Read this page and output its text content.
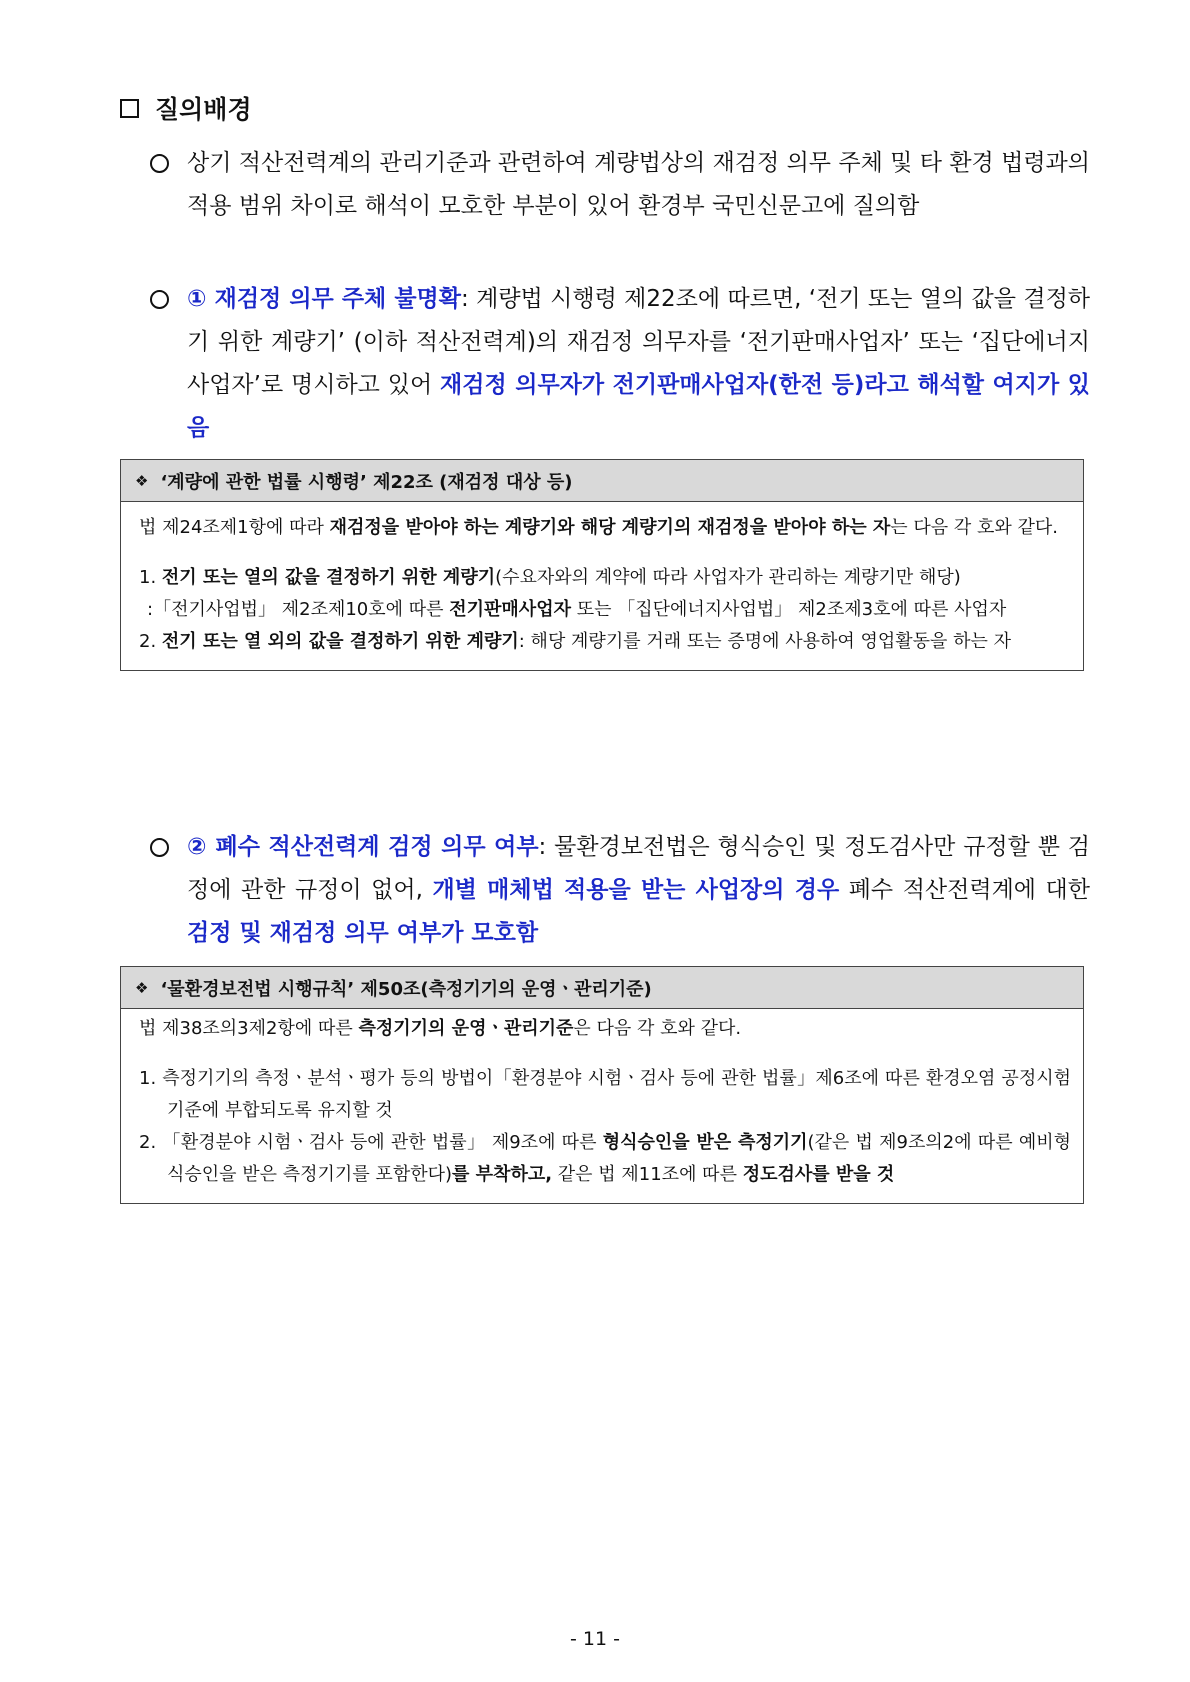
질의배경
상기 적산전력계의 관리기준과 관련하여 계량법상의 재검정 의무 주체 및 타 환경 법령과의 적용 범위 차이로 해석이 모호한 부분이 있어 환경부 국민신문고에 질의함
① 재검정 의무 주체 불명확: 계량법 시행령 제22조에 따르면, ‘전기 또는 열의 값을 결정하기 위한 계량기’ (이하 적산전력계)의 재검정 의무자를 ‘전기판매사업자’ 또는 ‘집단에너지사업자’로 명시하고 있어 재검정 의무자가 전기판매사업자(한전 등)라고 해석할 여지가 있음
❖ ‘계량에 관한 법률 시행령’ 제22조 (재검정 대상 등)
법 제24조제1항에 따라 재검정을 받아야 하는 계량기와 해당 계량기의 재검정을 받아야 하는 자는 다음 각 호와 같다.
1. 전기 또는 열의 값을 결정하기 위한 계량기(수요자와의 계약에 따라 사업자가 관리하는 계량기만 해당)
:「전기사업법」 제2조제10호에 따른 전기판매사업자 또는 「집단에너지사업법」 제2조제3호에 따른 사업자
2. 전기 또는 열 외의 값을 결정하기 위한 계량기: 해당 계량기를 거래 또는 증명에 사용하여 영업활동을 하는 자
② 폐수 적산전력계 검정 의무 여부: 물환경보전법은 형식승인 및 정도검사만 규정할 뿐 검정에 관한 규정이 없어, 개별 매체법 적용을 받는 사업장의 경우 폐수 적산전력계에 대한 검정 및 재검정 의무 여부가 모호함
❖ ‘물환경보전법 시행규칙’ 제50조(측정기기의 운영ㆍ관리기준)
법 제38조의3제2항에 따른 측정기기의 운영ㆍ관리기준은 다음 각 호와 같다.
1. 측정기기의 측정ㆍ분석ㆍ평가 등의 방법이「환경분야 시험ㆍ검사 등에 관한 법률」제6조에 따른 환경오염 공정시험기준에 부합되도록 유지할 것
2. 「환경분야 시험ㆍ검사 등에 관한 법률」 제9조에 따른 형식승인을 받은 측정기기(같은 법 제9조의2에 따른 예비형식승인을 받은 측정기기를 포함한다)를 부착하고, 같은 법 제11조에 따른 정도검사를 받을 것
- 11 -
